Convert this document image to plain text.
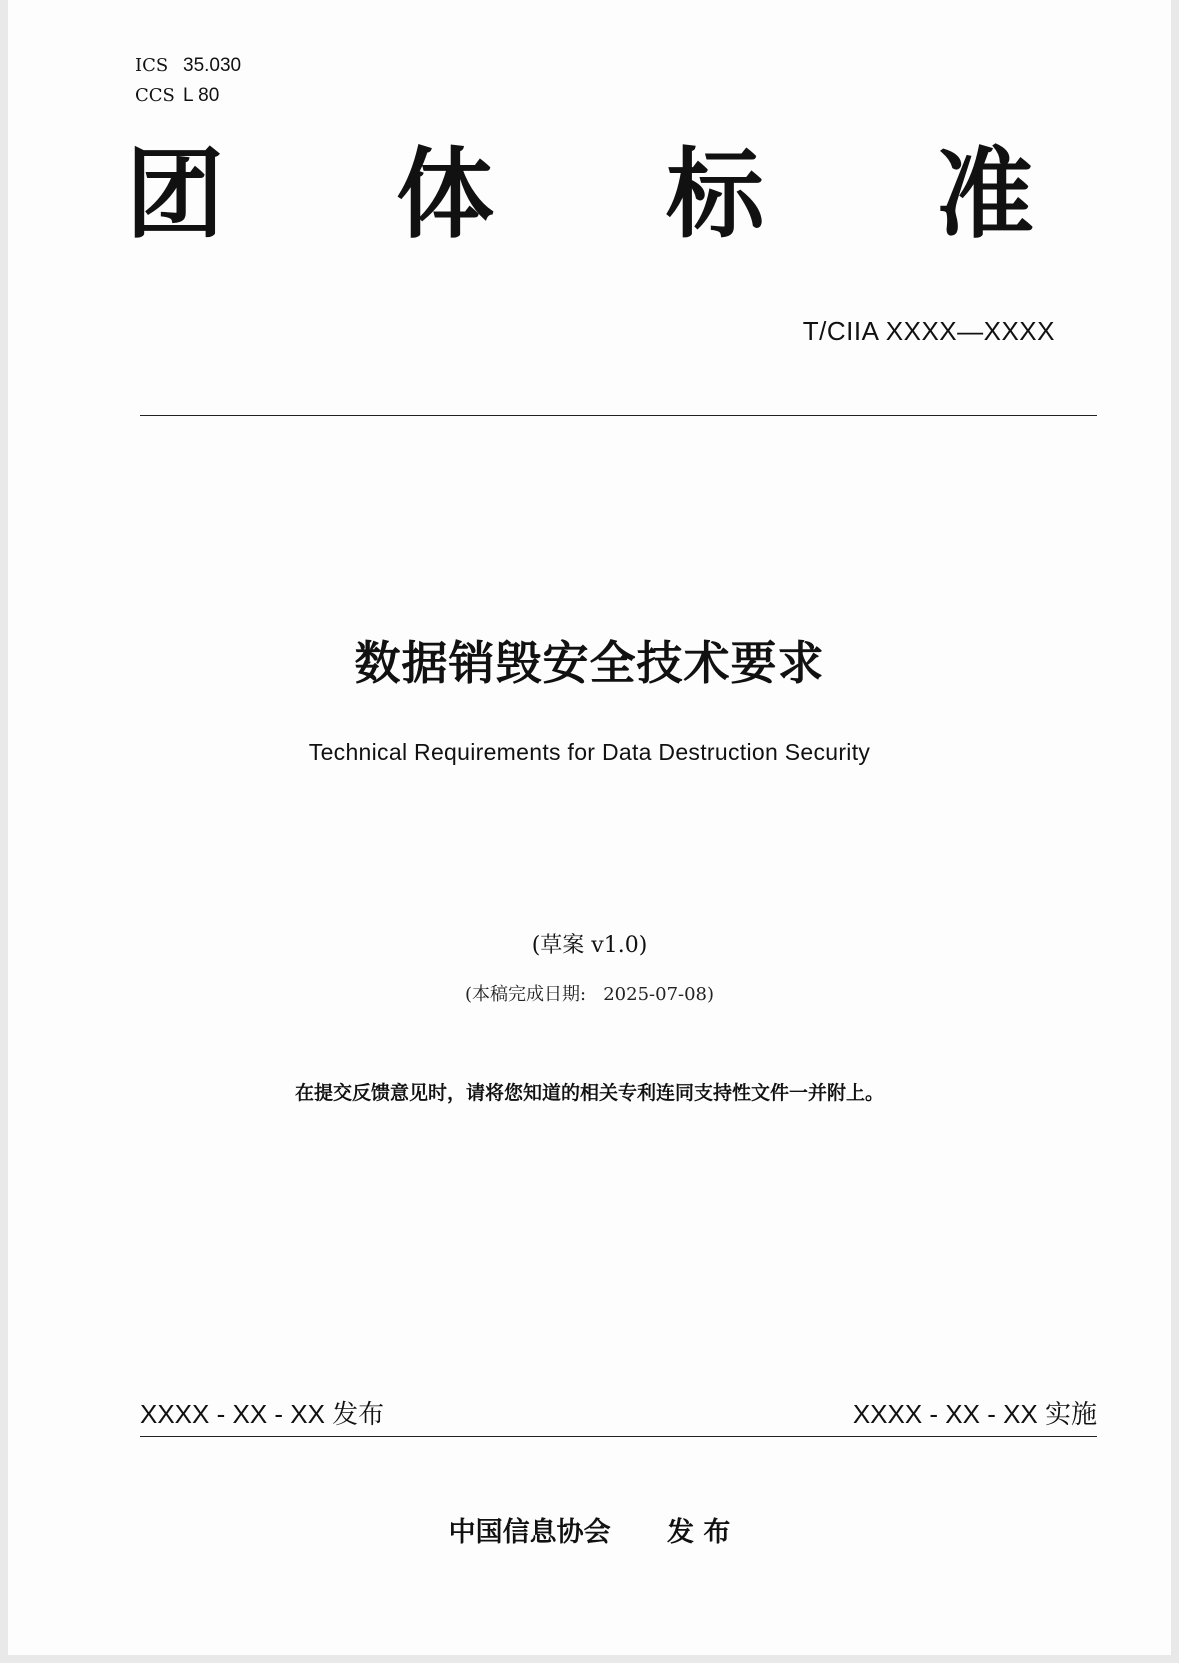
ICS 35.030
CCS L 80
团 体 标 准
T/CIIA XXXX—XXXX
数据销毁安全技术要求
Technical Requirements for Data Destruction Security
(草案 v1.0)
(本稿完成日期:   2025-07-08)
在提交反馈意见时，请将您知道的相关专利连同支持性文件一并附上。
XXXX - XX - XX 发布	XXXX - XX - XX 实施
中国信息协会      发 布
